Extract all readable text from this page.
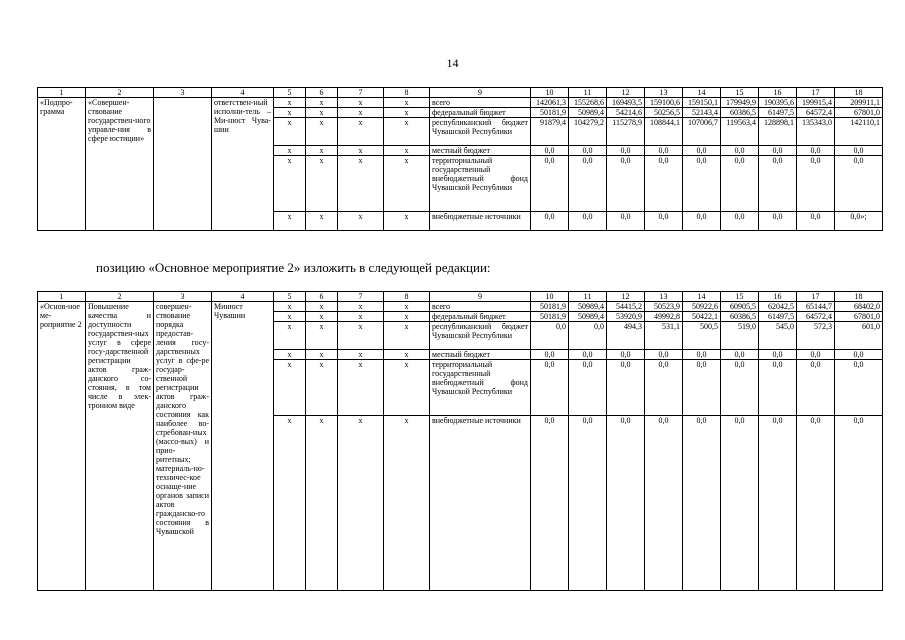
14
1	2	3	4	5	6	7	8	9	10	11	12	13	14	15	16	17	18
«Подпро-грамма	«Совершен-ствование государствен-ного управле-ния в сфере юстиции»		ответствен-ный исполни-тель – Ми-нюст Чува-шии	x	x	x	x	всего	142061,3	155268,6	169493,5	159100,6	159150,1	179949,9	190395,6	199915,4	209911,1
				x	x	x	x	федеральный бюджет	50181,9	50989,4	54214,6	50256,5	52143,4	60386,5	61497,5	64572,4	67801,0
				x	x	x	x	республиканский бюджет Чувашской Республики	91879,4	104279,2	115278,9	108844,1	107006,7	119563,4	128898,1	135343,0	142110,1
				x	x	x	x	местный бюджет	0,0	0,0	0,0	0,0	0,0	0,0	0,0	0,0	0,0
				x	x	x	x	территориальный государственный внебюджетный фонд Чувашской Республики	0,0	0,0	0,0	0,0	0,0	0,0	0,0	0,0	0,0
				x	x	x	x	внебюджетные источники	0,0	0,0	0,0	0,0	0,0	0,0	0,0	0,0	0,0»;
позицию «Основное мероприятие 2» изложить в следующей редакции:
1	2	3	4	5	6	7	8	9	10	11	12	13	14	15	16	17	18
«Основ-ное ме-роприятие 2	Повышение качества и доступности государствен-ных услуг в сфере госу-дарственной регистрации актов граж-данского со-стояния, в том числе в элек-тронном виде	совершен-ствование порядка предостав-ления госу-дарственных услуг в сфе-ре государ-ственной регистрации актов граж-данского состояния как наиболее во-стребован-ных (массо-вых) и прио-ритетных; материаль-но-техничес-кое оснаще-ние органов записи актов гражданско-го состояния в Чувашской	Минюст Чувашии	x	x	x	x	всего	50181,9	50989,4	54415,2	50523,9	50922,6	60905,5	62042,5	65144,7	68402,0
				x	x	x	x	федеральный бюджет	50181,9	50989,4	53920,9	49992,8	50422,1	60386,5	61497,5	64572,4	67801,0
				x	x	x	x	республиканский бюджет Чувашской Республики	0,0	0,0	494,3	531,1	500,5	519,0	545,0	572,3	601,0
				x	x	x	x	местный бюджет	0,0	0,0	0,0	0,0	0,0	0,0	0,0	0,0	0,0
				x	x	x	x	территориальный государственный внебюджетный фонд Чувашской Республики	0,0	0,0	0,0	0,0	0,0	0,0	0,0	0,0	0,0
				x	x	x	x	внебюджетные источники	0,0	0,0	0,0	0,0	0,0	0,0	0,0	0,0	0,0
